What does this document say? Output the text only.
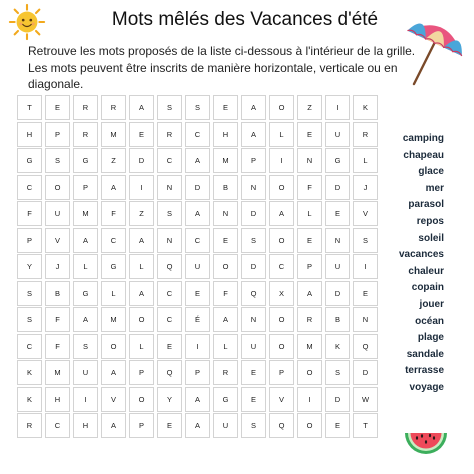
Mots mêlés des Vacances d'été
Retrouve les mots proposés de la liste ci-dessous à l'intérieur de la grille. Les mots peuvent être inscrits de manière horizontale, verticale ou en diagonale.
T	E	R	R	A	S	S	E	A	O	Z	I	K
H	P	R	M	E	R	C	H	A	L	E	U	R
G	S	G	Z	D	C	A	M	P	I	N	G	L
C	O	P	A	I	N	D	B	N	O	F	D	J
F	U	M	F	Z	S	A	N	D	A	L	E	V
P	V	A	C	A	N	C	E	S	O	E	N	S
Y	J	L	G	L	Q	U	O	D	C	P	U	I
S	B	G	L	A	C	E	F	Q	X	A	D	E
S	F	A	M	O	C	É	A	N	O	R	B	N
C	F	S	O	L	E	I	L	U	O	M	K	Q
K	M	U	A	P	Q	P	R	E	P	O	S	D
K	H	I	V	O	Y	A	G	E	V	I	D	W
R	C	H	A	P	E	A	U	S	Q	O	E	T
camping
chapeau
glace
mer
parasol
repos
soleil
vacances
chaleur
copain
jouer
océan
plage
sandale
terrasse
voyage
